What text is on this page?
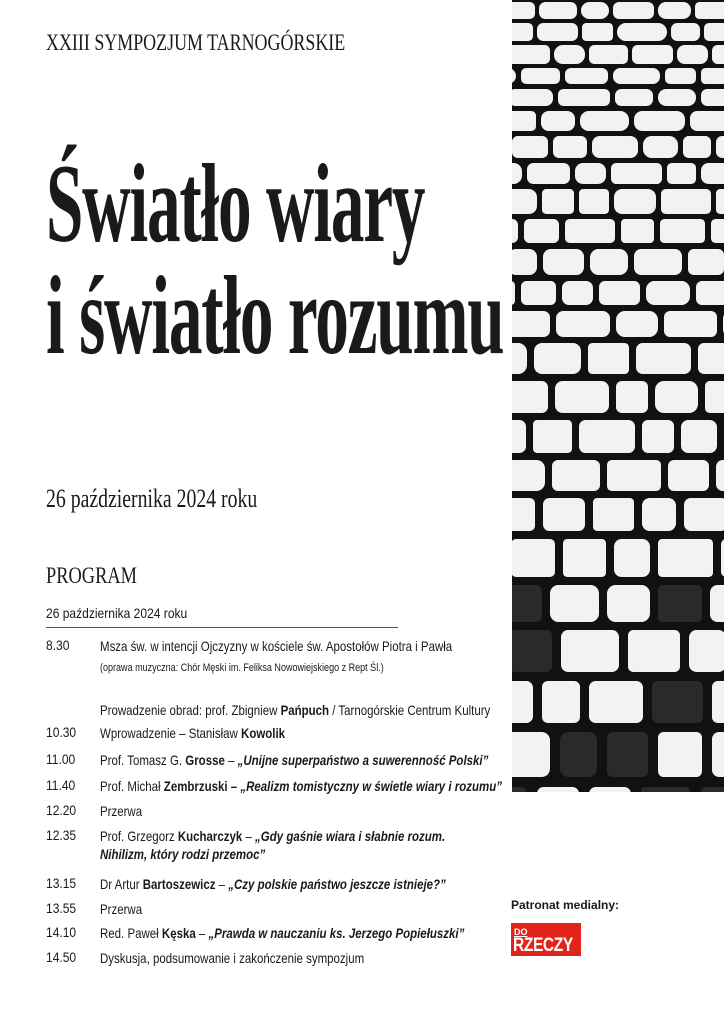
XXIII SYMPOZJUM TARNOGÓRSKIE
Światło wiary
i światło rozumu
26 października 2024 roku
PROGRAM
26 października 2024 roku
8.30 Msza św. w intencji Ojczyzny w kościele św. Apostołów Piotra i Pawła
(oprawa muzyczna: Chór Męski im. Feliksa Nowowiejskiego z Rept Śl.)
Prowadzenie obrad: prof. Zbigniew Pańpuch / Tarnogórskie Centrum Kultury
10.30 Wprowadzenie – Stanisław Kowolik
11.00 Prof. Tomasz G. Grosse – „Unijne superpaństwo a suwerenność Polski”
11.40 Prof. Michał Zembrzuski – „Realizm tomistyczny w świetle wiary i rozumu”
12.20 Przerwa
12.35 Prof. Grzegorz Kucharczyk – „Gdy gaśnie wiara i słabnie rozum.
Nihilizm, który rodzi przemoc”
13.15 Dr Artur Bartoszewicz – „Czy polskie państwo jeszcze istnieje?”
13.55 Przerwa
14.10 Red. Paweł Kęska – „Prawda w nauczaniu ks. Jerzego Popiełuszki”
14.50 Dyskusja, podsumowanie i zakończenie sympozjum
Patronat medialny:
DO
RZECZY
